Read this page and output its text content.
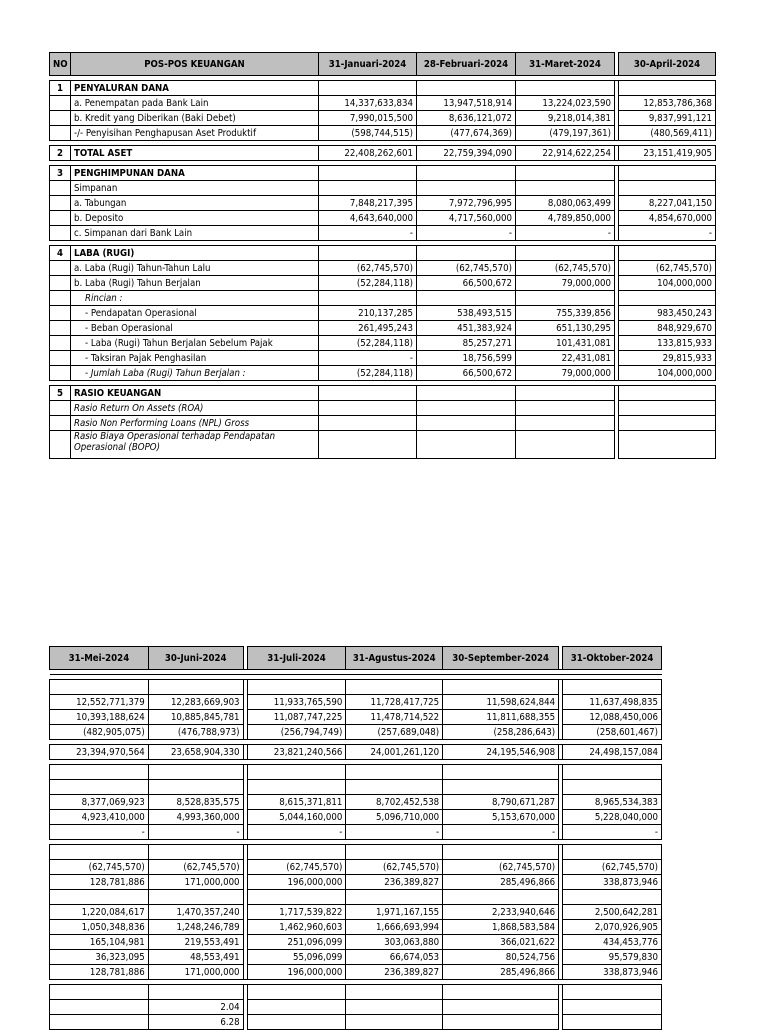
NO	POS-POS KEUANGAN	31-Januari-2024	28-Februari-2024	31-Maret-2024		30-April-2024

1	PENYALURAN DANA					
	a. Penempatan pada Bank Lain	14,337,633,834	13,947,518,914	13,224,023,590		12,853,786,368
	b. Kredit yang Diberikan (Baki Debet)	7,990,015,500	8,636,121,072	9,218,014,381		9,837,991,121
	-/- Penyisihan Penghapusan Aset Produktif	(598,744,515)	(477,674,369)	(479,197,361)		(480,569,411)

2	TOTAL ASET	22,408,262,601	22,759,394,090	22,914,622,254		23,151,419,905

3	PENGHIMPUNAN DANA					
	Simpanan					
	a. Tabungan	7,848,217,395	7,972,796,995	8,080,063,499		8,227,041,150
	b. Deposito	4,643,640,000	4,717,560,000	4,789,850,000		4,854,670,000
	c. Simpanan dari Bank Lain	-	-	-		-

4	LABA (RUGI)					
	a. Laba (Rugi) Tahun-Tahun Lalu	(62,745,570)	(62,745,570)	(62,745,570)		(62,745,570)
	b. Laba (Rugi) Tahun Berjalan	(52,284,118)	66,500,672	79,000,000		104,000,000
	Rincian :					
	- Pendapatan Operasional	210,137,285	538,493,515	755,339,856		983,450,243
	- Beban Operasional	261,495,243	451,383,924	651,130,295		848,929,670
	- Laba (Rugi) Tahun Berjalan Sebelum Pajak	(52,284,118)	85,257,271	101,431,081		133,815,933
	- Taksiran Pajak Penghasilan	-	18,756,599	22,431,081		29,815,933
	- Jumlah Laba (Rugi) Tahun Berjalan :	(52,284,118)	66,500,672	79,000,000		104,000,000

5	RASIO KEUANGAN					
	Rasio Return On Assets (ROA)					
	Rasio Non Performing Loans (NPL) Gross					
	Rasio Biaya Operasional terhadap Pendapatan Operasional (BOPO)					
31-Mei-2024	30-Juni-2024		31-Juli-2024	31-Agustus-2024	30-September-2024		31-Oktober-2024

12,552,771,379	12,283,669,903		11,933,765,590	11,728,417,725	11,598,624,844		11,637,498,835
10,393,188,624	10,885,845,781		11,087,747,225	11,478,714,522	11,811,688,355		12,088,450,006
(482,905,075)	(476,788,973)		(256,794,749)	(257,689,048)	(258,286,643)		(258,601,467)

23,394,970,564	23,658,904,330		23,821,240,566	24,001,261,120	24,195,546,908		24,498,157,084

8,377,069,923	8,528,835,575		8,615,371,811	8,702,452,538	8,790,671,287		8,965,534,383
4,923,410,000	4,993,360,000		5,044,160,000	5,096,710,000	5,153,670,000		5,228,040,000
-	-		-	-	-		-

(62,745,570)	(62,745,570)		(62,745,570)	(62,745,570)	(62,745,570)		(62,745,570)
128,781,886	171,000,000		196,000,000	236,389,827	285,496,866		338,873,946

1,220,084,617	1,470,357,240		1,717,539,822	1,971,167,155	2,233,940,646		2,500,642,281
1,050,348,836	1,248,246,789		1,462,960,603	1,666,693,994	1,868,583,584		2,070,926,905
165,104,981	219,553,491		251,096,099	303,063,880	366,021,622		434,453,776
36,323,095	48,553,491		55,096,099	66,674,053	80,524,756		95,579,830
128,781,886	171,000,000		196,000,000	236,389,827	285,496,866		338,873,946

	2.04						
	6.28						
